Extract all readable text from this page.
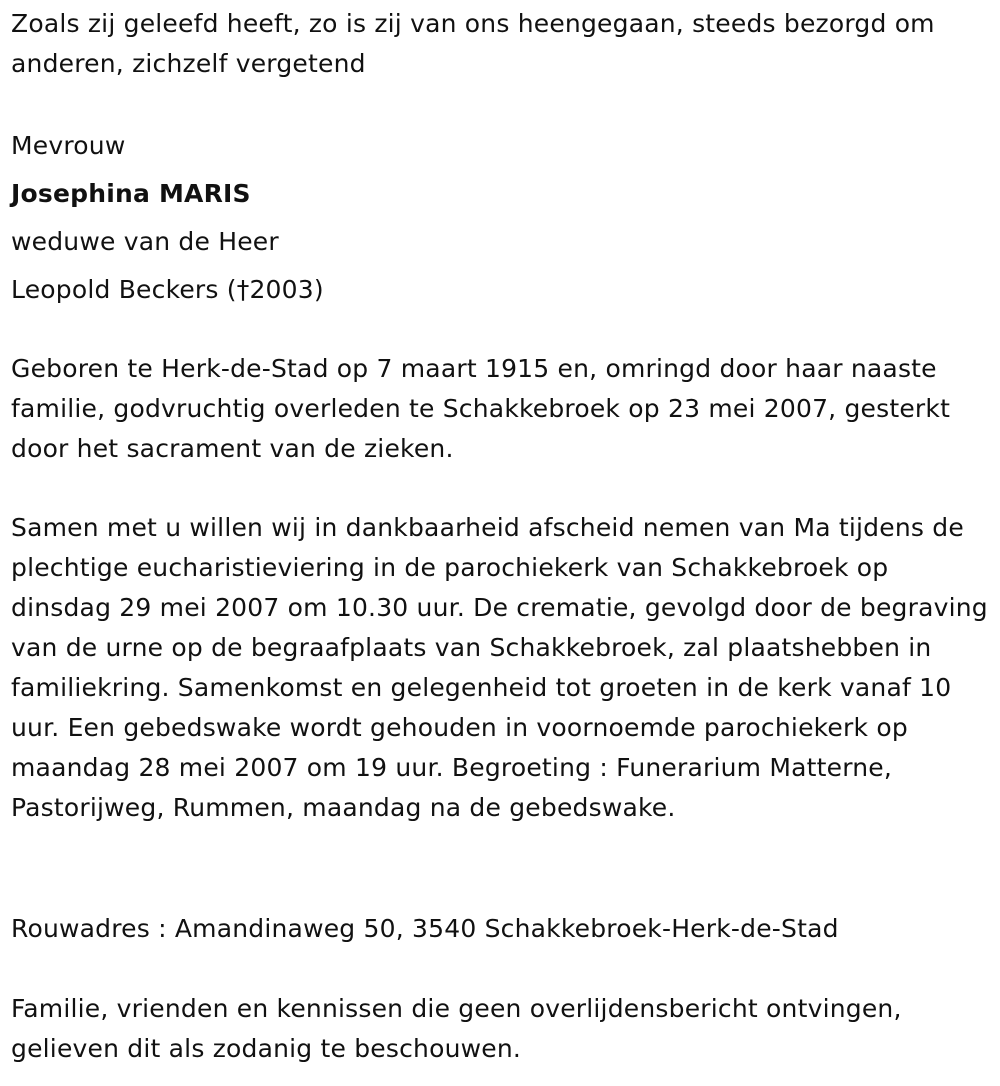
Zoals zij geleefd heeft, zo is zij van ons heengegaan, steeds bezorgd om anderen, zichzelf vergetend

Mevrouw

Josephina MARIS

weduwe van de Heer

Leopold Beckers (†2003)

Geboren te Herk-de-Stad op 7 maart 1915 en, omringd door haar naaste familie, godvruchtig overleden te Schakkebroek op 23 mei 2007, gesterkt door het sacrament van de zieken.

Samen met u willen wij in dankbaarheid afscheid nemen van Ma tijdens de plechtige eucharistieviering in de parochiekerk van Schakkebroek op dinsdag 29 mei 2007 om 10.30 uur. De crematie, gevolgd door de begraving van de urne op de begraafplaats van Schakkebroek, zal plaatshebben in familiekring. Samenkomst en gelegenheid tot groeten in de kerk vanaf 10 uur. Een gebedswake wordt gehouden in voornoemde parochiekerk op maandag 28 mei 2007 om 19 uur. Begroeting : Funerarium Matterne, Pastorijweg, Rummen, maandag na de gebedswake.

Rouwadres : Amandinaweg 50, 3540 Schakkebroek-Herk-de-Stad

Familie, vrienden en kennissen die geen overlijdensbericht ontvingen, gelieven dit als zodanig te beschouwen.
